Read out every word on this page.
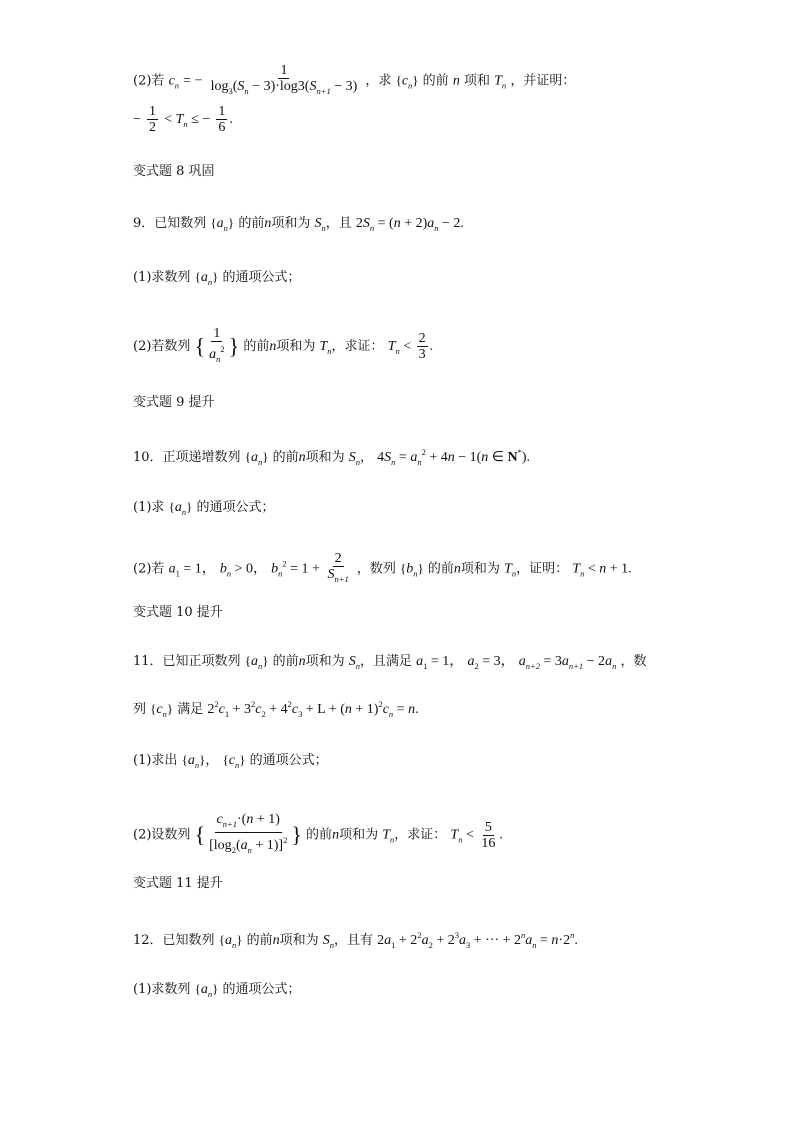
(2)若 $c_n$ = − $\frac{1}{\log_3(S_n - 3)\cdot\log 3(S_{n+1} - 3)}$ ，求 $\{c_n\}$ 的前 n 项和 $T_n$ ，并证明：
− $\frac{1}{2} < T_n$ ≤ − $\frac{1}{6}$ .
变式题 8 巩固
9．已知数列 $\{a_n\}$ 的前n项和为 $S_n$，且 $2S_n = (n + 2)a_n - 2$.
(1)求数列 $\{a_n\}$ 的通项公式；
(2)若数列 { $\frac{1}{a_n^2}$ } 的前n项和为 $T_n$，求证： $T_n < \frac{2}{3}$ .
变式题 9 提升
10．正项递增数列 $\{a_n\}$ 的前n项和为 $S_n$， $4S_n = a_n^2 + 4n - 1(n$ ∈ N*).
(1)求 $\{a_n\}$ 的通项公式；
(2)若 $a_1 = 1$， $b_n > 0$， $b_n^2 = 1 + \frac{2}{S_{n+1}}$ ，数列 $\{b_n\}$ 的前n项和为 $T_n$，证明： $T_n < n + 1$.
变式题 10 提升
11．已知正项数列 $\{a_n\}$ 的前n项和为 $S_n$，且满足 $a_1 = 1$， $a_2 = 3$， $a_{n+2} = 3a_{n+1} - 2a_n$ ，数
列 $\{c_n\}$ 满足 $2^2c_1 + 3^2c_2 + 4^2c_3 + L + (n + 1)^2c_n = n$.
(1)求出 $\{a_n\}$， $\{c_n\}$ 的通项公式；
(2)设数列 { $\frac{c_{n+1}\cdot(n + 1)}{[\log_2(a_n + 1)]^2}$ } 的前n项和为 $T_n$，求证： $T_n < \frac{5}{16}$ .
变式题 11 提升
12．已知数列 $\{a_n\}$ 的前n项和为 $S_n$，且有 $2a_1 + 2^2a_2 + 2^3a_3$ + ··· + $2^na_n = n\cdot 2^n$.
(1)求数列 $\{a_n\}$ 的通项公式；
